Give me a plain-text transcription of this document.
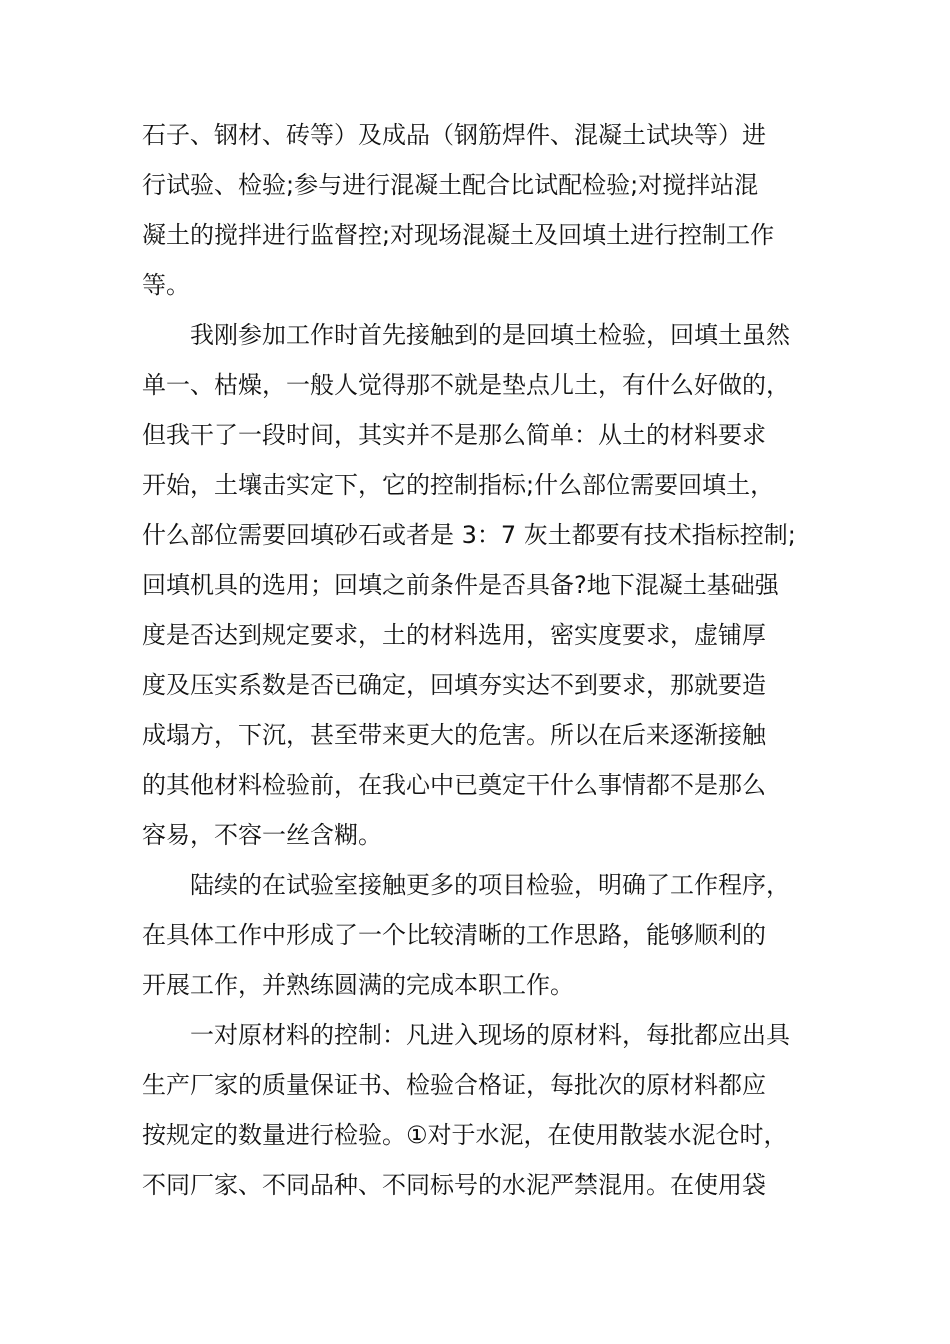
石子、钢材、砖等）及成品（钢筋焊件、混凝土试块等）进
行试验、检验;参与进行混凝土配合比试配检验;对搅拌站混
凝土的搅拌进行监督控;对现场混凝土及回填土进行控制工作
等。
　　我刚参加工作时首先接触到的是回填土检验，回填土虽然
单一、枯燥，一般人觉得那不就是垫点儿土，有什么好做的，
但我干了一段时间，其实并不是那么简单：从土的材料要求
开始，土壤击实定下，它的控制指标;什么部位需要回填土，
什么部位需要回填砂石或者是 3：7 灰土都要有技术指标控制;
回填机具的选用；回填之前条件是否具备?地下混凝土基础强
度是否达到规定要求，土的材料选用，密实度要求，虚铺厚
度及压实系数是否已确定，回填夯实达不到要求，那就要造
成塌方，下沉，甚至带来更大的危害。所以在后来逐渐接触
的其他材料检验前，在我心中已奠定干什么事情都不是那么
容易，不容一丝含糊。
　　陆续的在试验室接触更多的项目检验，明确了工作程序，
在具体工作中形成了一个比较清晰的工作思路，能够顺利的
开展工作，并熟练圆满的完成本职工作。
　　一对原材料的控制：凡进入现场的原材料，每批都应出具
生产厂家的质量保证书、检验合格证，每批次的原材料都应
按规定的数量进行检验。①对于水泥，在使用散装水泥仓时，
不同厂家、不同品种、不同标号的水泥严禁混用。在使用袋
